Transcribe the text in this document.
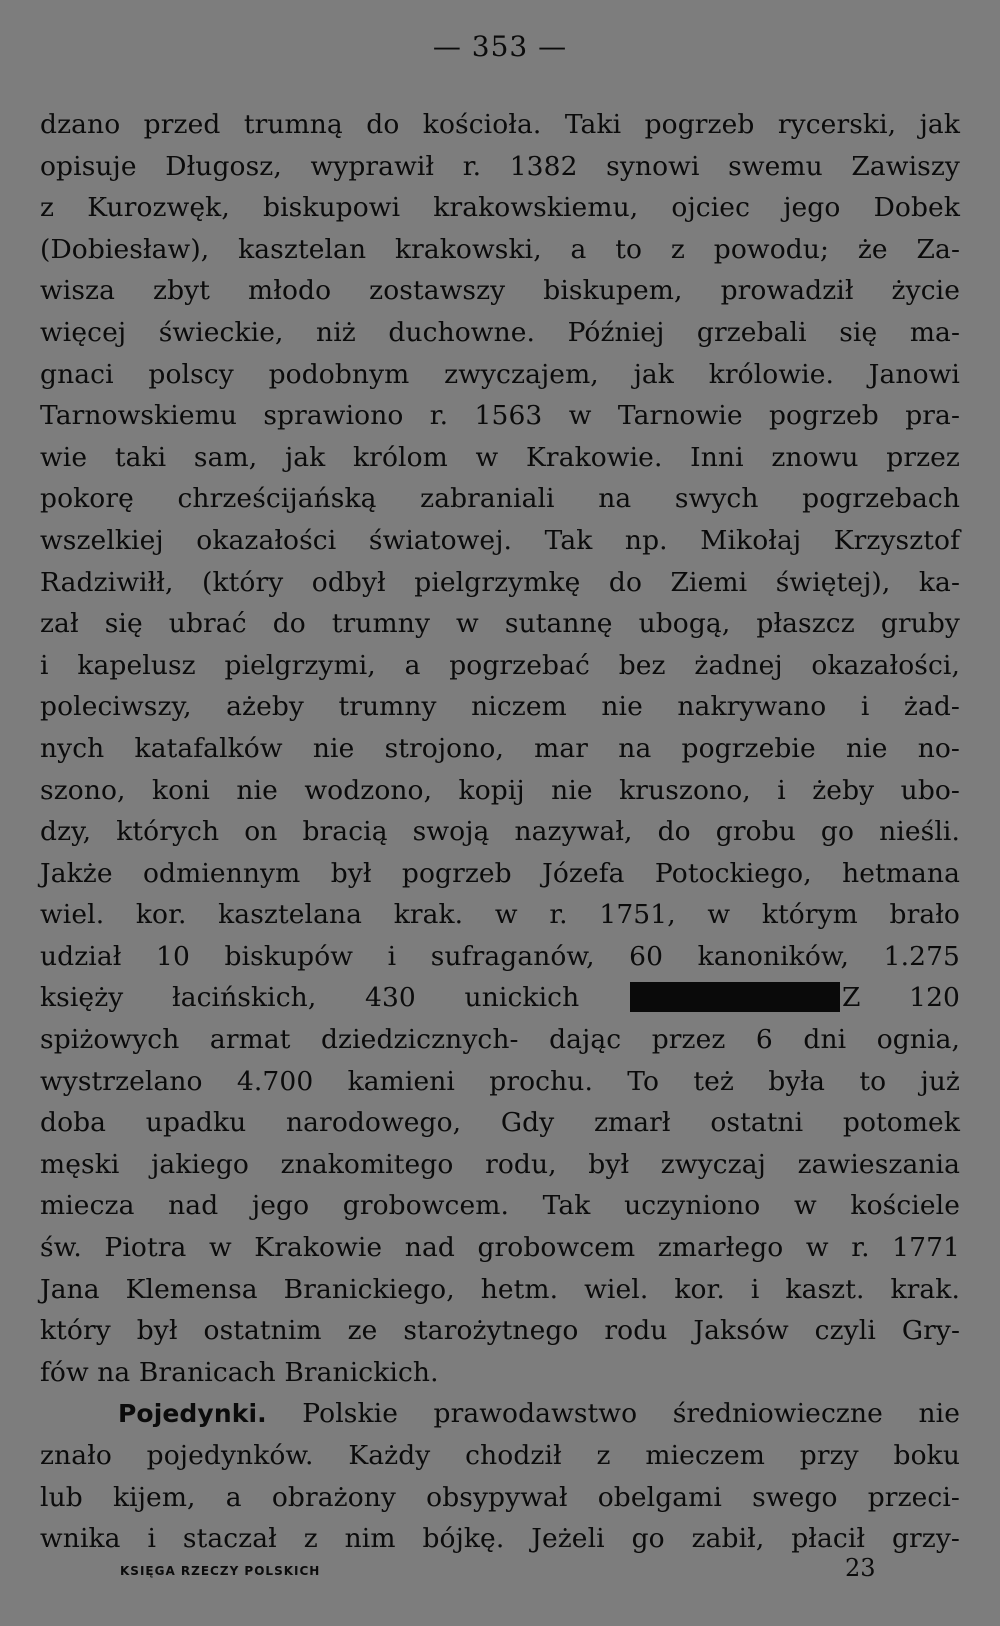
— 353 —
dzano przed trumną do kościoła. Taki pogrzeb rycerski, jak
opisuje Długosz, wyprawił r. 1382 synowi swemu Zawiszy
z Kurozwęk, biskupowi krakowskiemu, ojciec jego Dobek
(Dobiesław), kasztelan krakowski, a to z powodu; że Za-
wisza zbyt młodo zostawszy biskupem, prowadził życie
więcej świeckie, niż duchowne. Później grzebali się ma-
gnaci polscy podobnym zwyczajem, jak królowie. Janowi
Tarnowskiemu sprawiono r. 1563 w Tarnowie pogrzeb pra-
wie taki sam, jak królom w Krakowie. Inni znowu przez
pokorę chrześcijańską zabraniali na swych pogrzebach
wszelkiej okazałości światowej. Tak np. Mikołaj Krzysztof
Radziwiłł, (który odbył pielgrzymkę do Ziemi świętej), ka-
zał się ubrać do trumny w sutannę ubogą, płaszcz gruby
i kapelusz pielgrzymi, a pogrzebać bez żadnej okazałości,
poleciwszy, ażeby trumny niczem nie nakrywano i żad-
nych katafalków nie strojono, mar na pogrzebie nie no-
szono, koni nie wodzono, kopij nie kruszono, i żeby ubo-
dzy, których on bracią swoją nazywał, do grobu go nieśli.
Jakże odmiennym był pogrzeb Józefa Potockiego, hetmana
wiel. kor. kasztelana krak. w r. 1751, w którym brało
udział 10 biskupów i sufraganów, 60 kanoników, 1.275
księży łacińskich, 430 unickich	Z 120
spiżowych armat dziedzicznych- dając przez 6 dni ognia,
wystrzelano 4.700 kamieni prochu. To też była to już
doba upadku narodowego, Gdy zmarł ostatni potomek
męski jakiego znakomitego rodu, był zwyczaj zawieszania
miecza nad jego grobowcem. Tak uczyniono w kościele
św. Piotra w Krakowie nad grobowcem zmarłego w r. 1771
Jana Klemensa Branickiego, hetm. wiel. kor. i kaszt. krak.
który był ostatnim ze starożytnego rodu Jaksów czyli Gry-
fów na Branicach Branickich.
Pojedynki. Polskie prawodawstwo średniowieczne nie
znało pojedynków. Każdy chodził z mieczem przy boku
lub kijem, a obrażony obsypywał obelgami swego przeci-
wnika i staczał z nim bójkę. Jeżeli go zabił, płacił grzy-
KSIĘGA RZECZY POLSKICH	23
